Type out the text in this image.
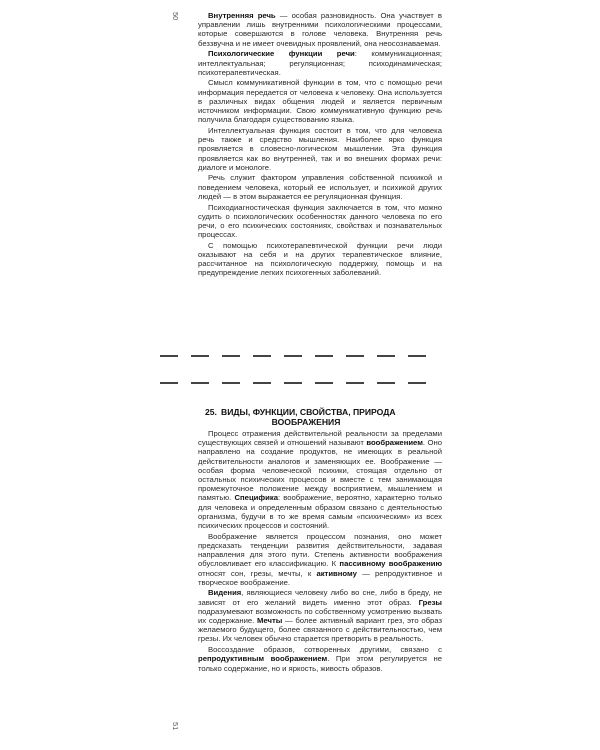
50	Внутренняя речь — особая разновидность. Она участвует в управлении лишь внутренними психологическими процессами, которые совершаются в голове человека. Внутренняя речь беззвучна и не имеет очевидных проявлений, она неосознаваемая.

Психологические функции речи: коммуникационная; интеллектуальная; регуляционная; психодинамическая; психотерапевтическая.

Смысл коммуникативной функции в том, что с помощью речи информация передается от человека к человеку. Она используется в различных видах общения людей и является первичным источником информации. Свою коммуникативную функцию речь получила благодаря существованию языка.

Интеллектуальная функция состоит в том, что для человека речь также и средство мышления. Наиболее ярко функция проявляется в словесно-логическом мышлении. Эта функция проявляется как во внутренней, так и во внешних формах речи: диалоге и монологе.

Речь служит фактором управления собственной психикой и поведением человека, который ее использует, и психикой других людей — в этом выражается ее регуляционная функция.

Психодиагностическая функция заключается в том, что можно судить о психологических особенностях данного человека по его речи, о его психических состояниях, свойствах и познавательных процессах.

С помощью психотерапевтической функции речи люди оказывают на себя и на других терапевтическое влияние, рассчитанное на психологическую поддержку, помощь и на предупреждение легких психогенных заболеваний.

25. ВИДЫ, ФУНКЦИИ, СВОЙСТВА, ПРИРОДА
ВООБРАЖЕНИЯ

Процесс отражения действительной реальности за пределами существующих связей и отношений называют воображением. Оно направлено на создание продуктов, не имеющих в реальной действительности аналогов и заменяющих ее. Воображение — особая форма человеческой психики, стоящая отдельно от остальных психических процессов и вместе с тем занимающая промежуточное положение между восприятием, мышлением и памятью. Специфика: воображение, вероятно, характерно только для человека и определенным образом связано с деятельностью организма, будучи в то же время самым «психическим» из всех психических процессов и состояний.

Воображение является процессом познания, оно может предсказать тенденции развития действительности, задавая направления для этого пути. Степень активности воображения обусловливает его классификацию. К пассивному воображению относят сон, грезы, мечты, к активному — репродуктивное и творческое воображение.

Видения, являющиеся человеку либо во сне, либо в бреду, не зависят от его желаний видеть именно этот образ. Грезы подразумевают возможность по собственному усмотрению вызвать их содержание. Мечты — более активный вариант грез, это образ желаемого будущего, более связанного с действительностью, чем грезы. Их человек обычно старается претворить в реальность.

Воссоздание образов, сотворенных другими, связано с репродуктивным воображением. При этом регулируется не только содержание, но и яркость, живость образов.

51
